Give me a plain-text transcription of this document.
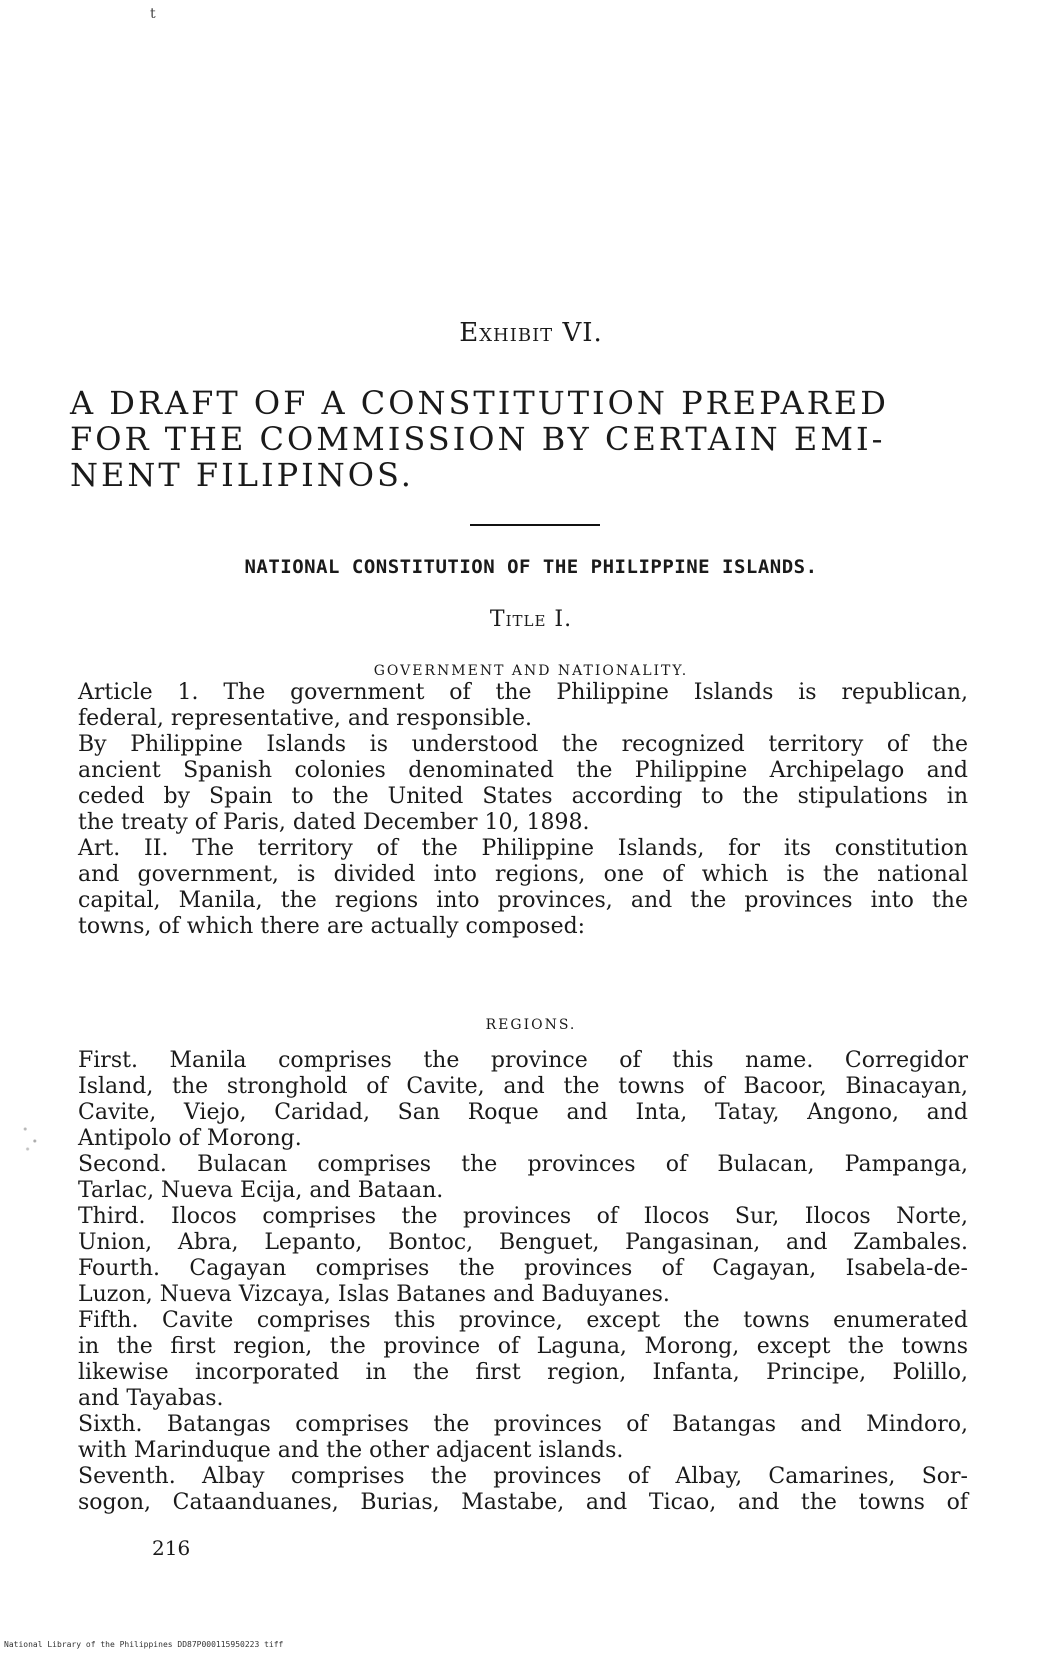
t
Exhibit VI.
A DRAFT OF A CONSTITUTION PREPARED
FOR THE COMMISSION BY CERTAIN EMI-
NENT FILIPINOS.
NATIONAL CONSTITUTION OF THE PHILIPPINE ISLANDS.
Title I.
GOVERNMENT AND NATIONALITY.
Article 1. The government of the Philippine Islands is republican,
federal, representative, and responsible.
By Philippine Islands is understood the recognized territory of the
ancient Spanish colonies denominated the Philippine Archipelago and
ceded by Spain to the United States according to the stipulations in
the treaty of Paris, dated December 10, 1898.
Art. II. The territory of the Philippine Islands, for its constitution
and government, is divided into regions, one of which is the national
capital, Manila, the regions into provinces, and the provinces into the
towns, of which there are actually composed:
REGIONS.
First. Manila comprises the province of this name. Corregidor
Island, the stronghold of Cavite, and the towns of Bacoor, Binacayan,
Cavite, Viejo, Caridad, San Roque and Inta, Tatay, Angono, and
Antipolo of Morong.
Second. Bulacan comprises the provinces of Bulacan, Pampanga,
Tarlac, Nueva Ecija, and Bataan.
Third. Ilocos comprises the provinces of Ilocos Sur, Ilocos Norte,
Union, Abra, Lepanto, Bontoc, Benguet, Pangasinan, and Zambales.
Fourth. Cagayan comprises the provinces of Cagayan, Isabela-de-
Luzon, Nueva Vizcaya, Islas Batanes and Baduyanes.
Fifth. Cavite comprises this province, except the towns enumerated
in the first region, the province of Laguna, Morong, except the towns
likewise incorporated in the first region, Infanta, Principe, Polillo,
and Tayabas.
Sixth. Batangas comprises the provinces of Batangas and Mindoro,
with Marinduque and the other adjacent islands.
Seventh. Albay comprises the provinces of Albay, Camarines, Sor-
sogon, Cataanduanes, Burias, Mastabe, and Ticao, and the towns of
216
National Library of the Philippines DD87P000115950223 tiff
